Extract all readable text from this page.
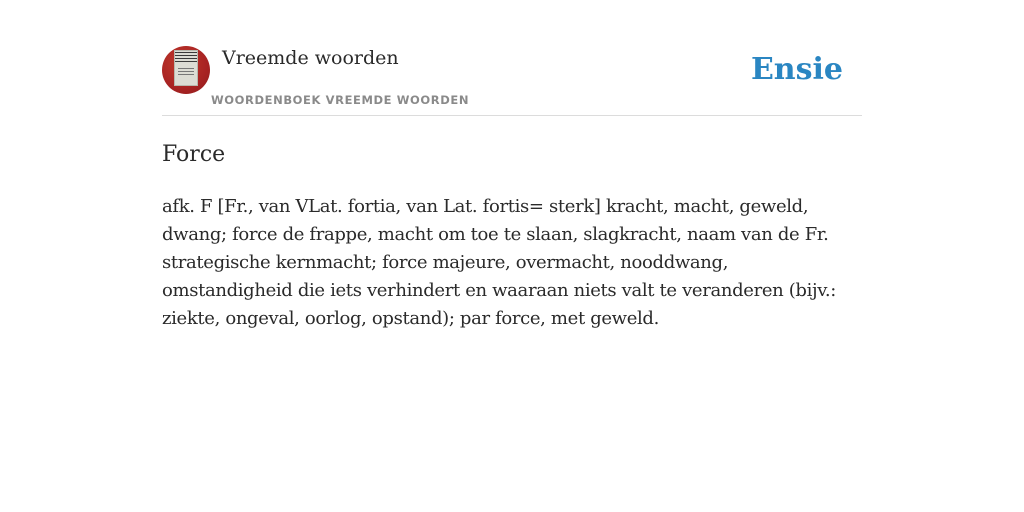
Vreemde woorden
WOORDENBOEK VREEMDE WOORDEN
Ensie
Force

afk. F [Fr., van VLat. fortia, van Lat. fortis= sterk] kracht, macht, geweld, dwang; force de frappe, macht om toe te slaan, slagkracht, naam van de Fr. strategische kernmacht; force majeure, overmacht, nooddwang, omstandigheid die iets verhindert en waaraan niets valt te veranderen (bijv.: ziekte, ongeval, oorlog, opstand); par force, met geweld.
